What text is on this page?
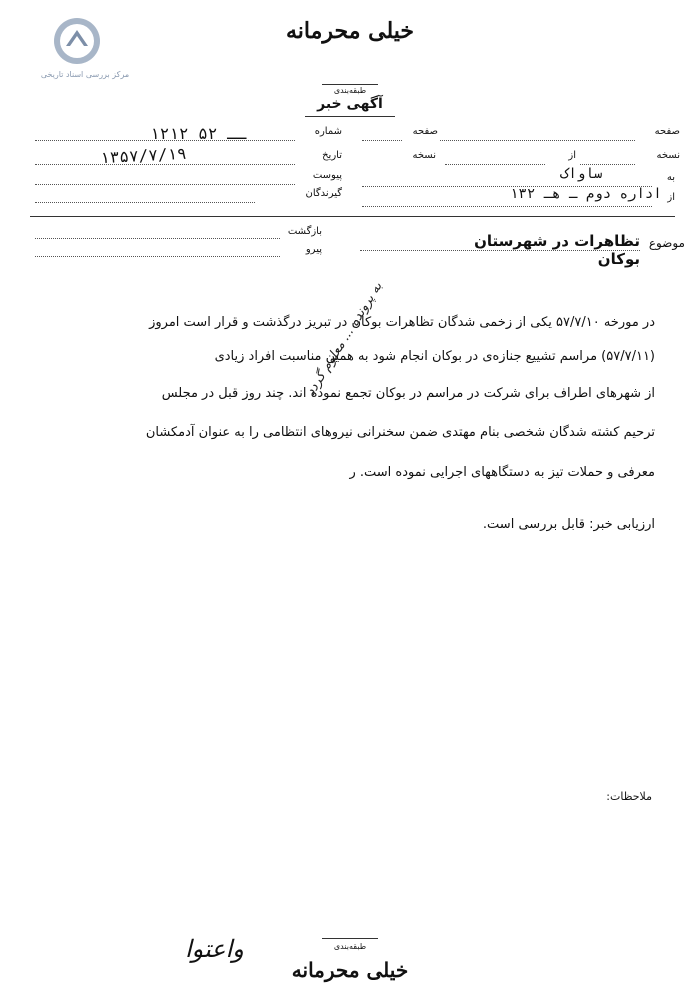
خیلی محرمانه
مرکز بررسی اسناد تاریخی
طبقه‌بندی
آگهی خبر
شماره
۱۲۱۲ ــ ۵۲
تاریخ
۱۳۵۷/۷/۱۹
پیوست
گیرندگان
صفحه
صفحه
نسخه
از
نسخه
به
ساواک
از
اداره دوم ـ هـ ۱۳۲
بازگشت
پیرو	موضوع
تظاهرات در شهرستان بوکان
در مورخه ۵۷/۷/۱۰ یکی از زخمی شدگان تظاهرات بوکان در تبریز درگذشت و قرار است امروز
(۵۷/۷/۱۱) مراسم تشییع جنازه‌ی در بوکان انجام شود به همین مناسبت افراد زیادی
از شهرهای اطراف برای شرکت در مراسم در بوکان تجمع نموده اند. چند روز قبل در مجلس
ترحیم کشته شدگان شخصی بنام مهتدی ضمن سخنرانی نیروهای انتظامی را به عنوان آدمکشان
معرفی و حملات تیز به دستگاههای اجرایی نموده است. ر
ارزیابی خبر: قابل بررسی است.
به پرونده ... معلوم گردد
ملاحظات:
واعتوا	طبقه‌بندی
خیلی محرمانه
